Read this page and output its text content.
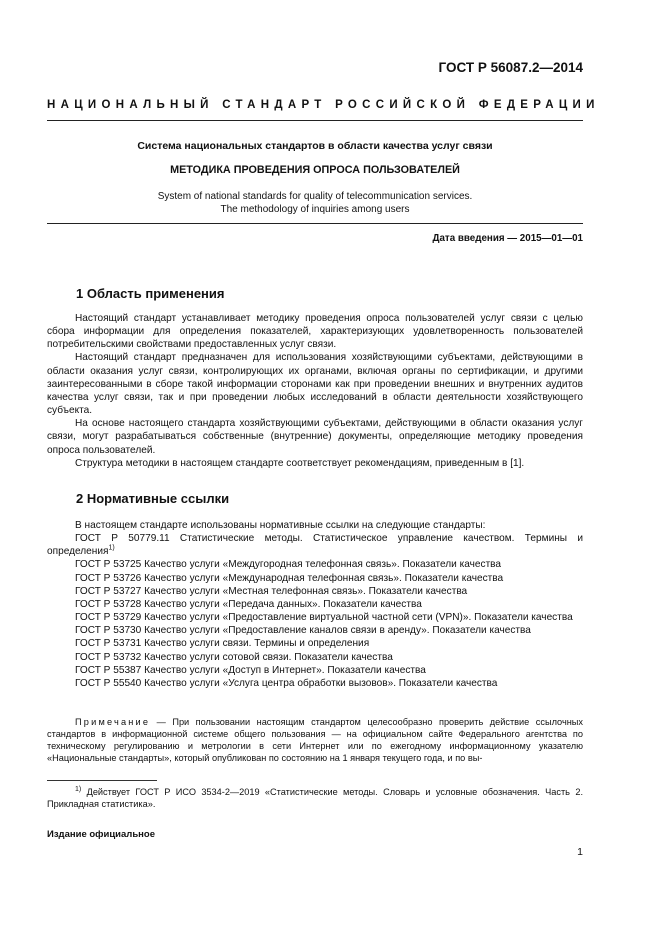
ГОСТ Р 56087.2—2014
НАЦИОНАЛЬНЫЙ СТАНДАРТ РОССИЙСКОЙ ФЕДЕРАЦИИ
Система национальных стандартов в области качества услуг связи
МЕТОДИКА ПРОВЕДЕНИЯ ОПРОСА ПОЛЬЗОВАТЕЛЕЙ
System of national standards for quality of telecommunication services.
The methodology of inquiries among users
Дата введения — 2015—01—01
1 Область применения

Настоящий стандарт устанавливает методику проведения опроса пользователей услуг связи с целью сбора информации для определения показателей, характеризующих удовлетворенность пользователей потребительскими свойствами предоставленных услуг связи.

Настоящий стандарт предназначен для использования хозяйствующими субъектами, действующими в области оказания услуг связи, контролирующих их органами, включая органы по сертификации, и другими заинтересованными в сборе такой информации сторонами как при проведении внешних и внутренних аудитов качества услуг связи, так и при проведении любых исследований в области деятельности хозяйствующего субъекта.

На основе настоящего стандарта хозяйствующими субъектами, действующими в области оказания услуг связи, могут разрабатываться собственные (внутренние) документы, определяющие методику проведения опроса пользователей.

Структура методики в настоящем стандарте соответствует рекомендациям, приведенным в [1].

2 Нормативные ссылки

В настоящем стандарте использованы нормативные ссылки на следующие стандарты:

ГОСТ Р 50779.11 Статистические методы. Статистическое управление качеством. Термины и определения$^{1)}$

ГОСТ Р 53725 Качество услуги «Междугородная телефонная связь». Показатели качества

ГОСТ Р 53726 Качество услуги «Международная телефонная связь». Показатели качества

ГОСТ Р 53727 Качество услуги «Местная телефонная связь». Показатели качества

ГОСТ Р 53728 Качество услуги «Передача данных». Показатели качества

ГОСТ Р 53729 Качество услуги «Предоставление виртуальной частной сети (VPN)». Показатели качества

ГОСТ Р 53730 Качество услуги «Предоставление каналов связи в аренду». Показатели качества

ГОСТ Р 53731 Качество услуги связи. Термины и определения

ГОСТ Р 53732 Качество услуги сотовой связи. Показатели качества

ГОСТ Р 55387 Качество услуги «Доступ в Интернет». Показатели качества

ГОСТ Р 55540 Качество услуги «Услуга центра обработки вызовов». Показатели качества

Примечание — При пользовании настоящим стандартом целесообразно проверить действие ссылочных стандартов в информационной системе общего пользования — на официальном сайте Федерального агентства по техническому регулированию и метрологии в сети Интернет или по ежегодному информационному указателю «Национальные стандарты», который опубликован по состоянию на 1 января текущего года, и по вы-

$^{1)}$ Действует ГОСТ Р ИСО 3534-2—2019 «Статистические методы. Словарь и условные обозначения. Часть 2. Прикладная статистика».

Издание официальное
1
